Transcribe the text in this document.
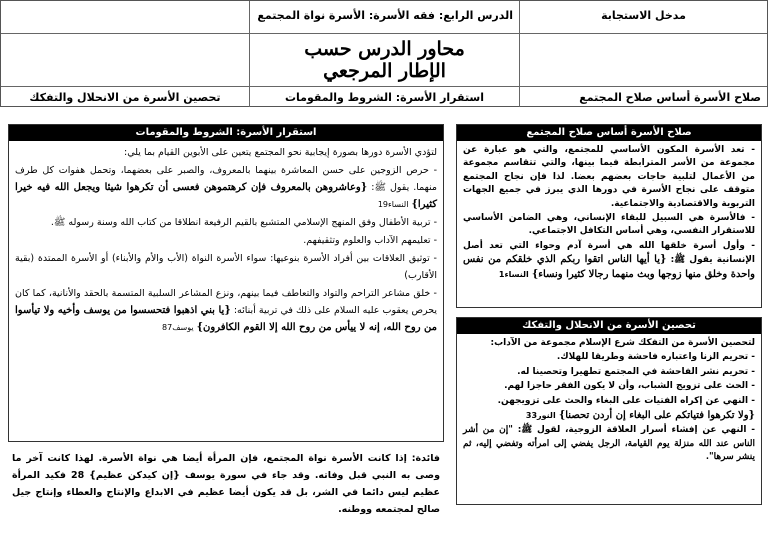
مدخل الاستجابة
الدرس الرابع: فقه الأسرة: الأسرة نواة المجتمع
محاور الدرس حسب
الإطار المرجعي
صلاح الأسرة أساس صلاح المجتمع
استقرار الأسرة: الشروط والمقومات
تحصين الأسرة من الانحلال والتفكك
صلاح الأسرة أساس صلاح المجتمع

- تعد الأسرة المكون الأساسي للمجتمع، والتي هو عبارة عن مجموعة من الأسر المترابطة فيما بينها، والتي تتقاسم مجموعة من الأعمال لتلبية حاجات بعضهم بعضا. لذا فإن نجاح المجتمع متوقف على نجاح الأسرة في دورها الذي يبرز في جميع الجهات التربوية والاقتصادية والاجتماعية.

- فالأسرة هي السبيل للبقاء الإنساني، وهي الضامن الأساسي للاستقرار النفسي، وهي أساس التكافل الاجتماعي.

- وأول أسرة خلقها الله هي أسرة آدم وحواء التي تعد أصل الإنسانية يقول ﷺ: {يا أيها الناس اتقوا ربكم الذي خلقكم من نفس واحدة وخلق منها زوجها وبث منهما رجالا كثيرا ونساء} النساء1

تحصين الأسرة من الانحلال والتفكك

لتحصين الأسرة من التفكك شرع الإسلام مجموعة من الآداب:

- تحريم الزنا واعتباره فاحشة وطريقا للهلاك.

- تحريم نشر الفاحشة في المجتمع تطهيرا وتحصينا له.

- الحث على تزويج الشباب، وأن لا يكون الفقر حاجزا لهم.

- النهي عن إكراه الفتيات على البغاء والحث على تزويجهن.

{ولا تكرهوا فتياتكم على البغاء إن أردن تحصنا} النور33

- النهي عن إفشاء أسرار العلاقة الزوجية، لقول ﷺ: "إن من أشر الناس عند الله منزلة يوم القيامة، الرجل يفضي إلى امرأته وتفضي إليه، ثم ينشر سرها".

استقرار الأسرة: الشروط والمقومات

لتؤدي الأسرة دورها بصورة إيجابية نحو المجتمع يتعين على الأبوين القيام بما يلي:

- حرص الزوجين على حسن المعاشرة بينهما بالمعروف، والصبر على بعضهما، وتحمل هفوات كل طرف منهما. يقول ﷺ: {وعاشروهن بالمعروف فإن كرهتموهن فعسى أن تكرهوا شيئا ويجعل الله فيه خيرا كثيرا} النساء19

- تربية الأطفال وفق المنهج الإسلامي المتشبع بالقيم الرفيعة انطلاقا من كتاب الله وسنة رسوله ﷺ.

- تعليمهم الآداب والعلوم وتثقيفهم.

- توثيق العلاقات بين أفراد الأسرة بنوعيها: سواء الأسرة النواة (الأب والأم والأبناء) أو الأسرة الممتدة (بقية الأقارب)

- خلق مشاعر التراحم والتواد والتعاطف فيما بينهم، ونزع المشاعر السلبية المتسمة بالحقد والأنانية، كما كان يحرص يعقوب عليه السلام على ذلك في تربية أبنائه: {يا بني اذهبوا فتحسسوا من يوسف وأخيه ولا تيأسوا من روح الله، إنه لا ييأس من روح الله إلا القوم الكافرون} يوسف87

فائدة: إذا كانت الأسرة نواة المجتمع، فإن المرأة أيضا هي نواة الأسرة. لهذا كانت آخر ما وصى به النبي قبل وفاته. وقد جاء في سورة يوسف {إن كيدكن عظيم} 28 فكيد المرأة عظيم ليس دائما في الشر، بل قد يكون أيضا عظيم في الابداع والإنتاج والعطاء وإنتاج جيل صالح لمجتمعه ووطنه.
